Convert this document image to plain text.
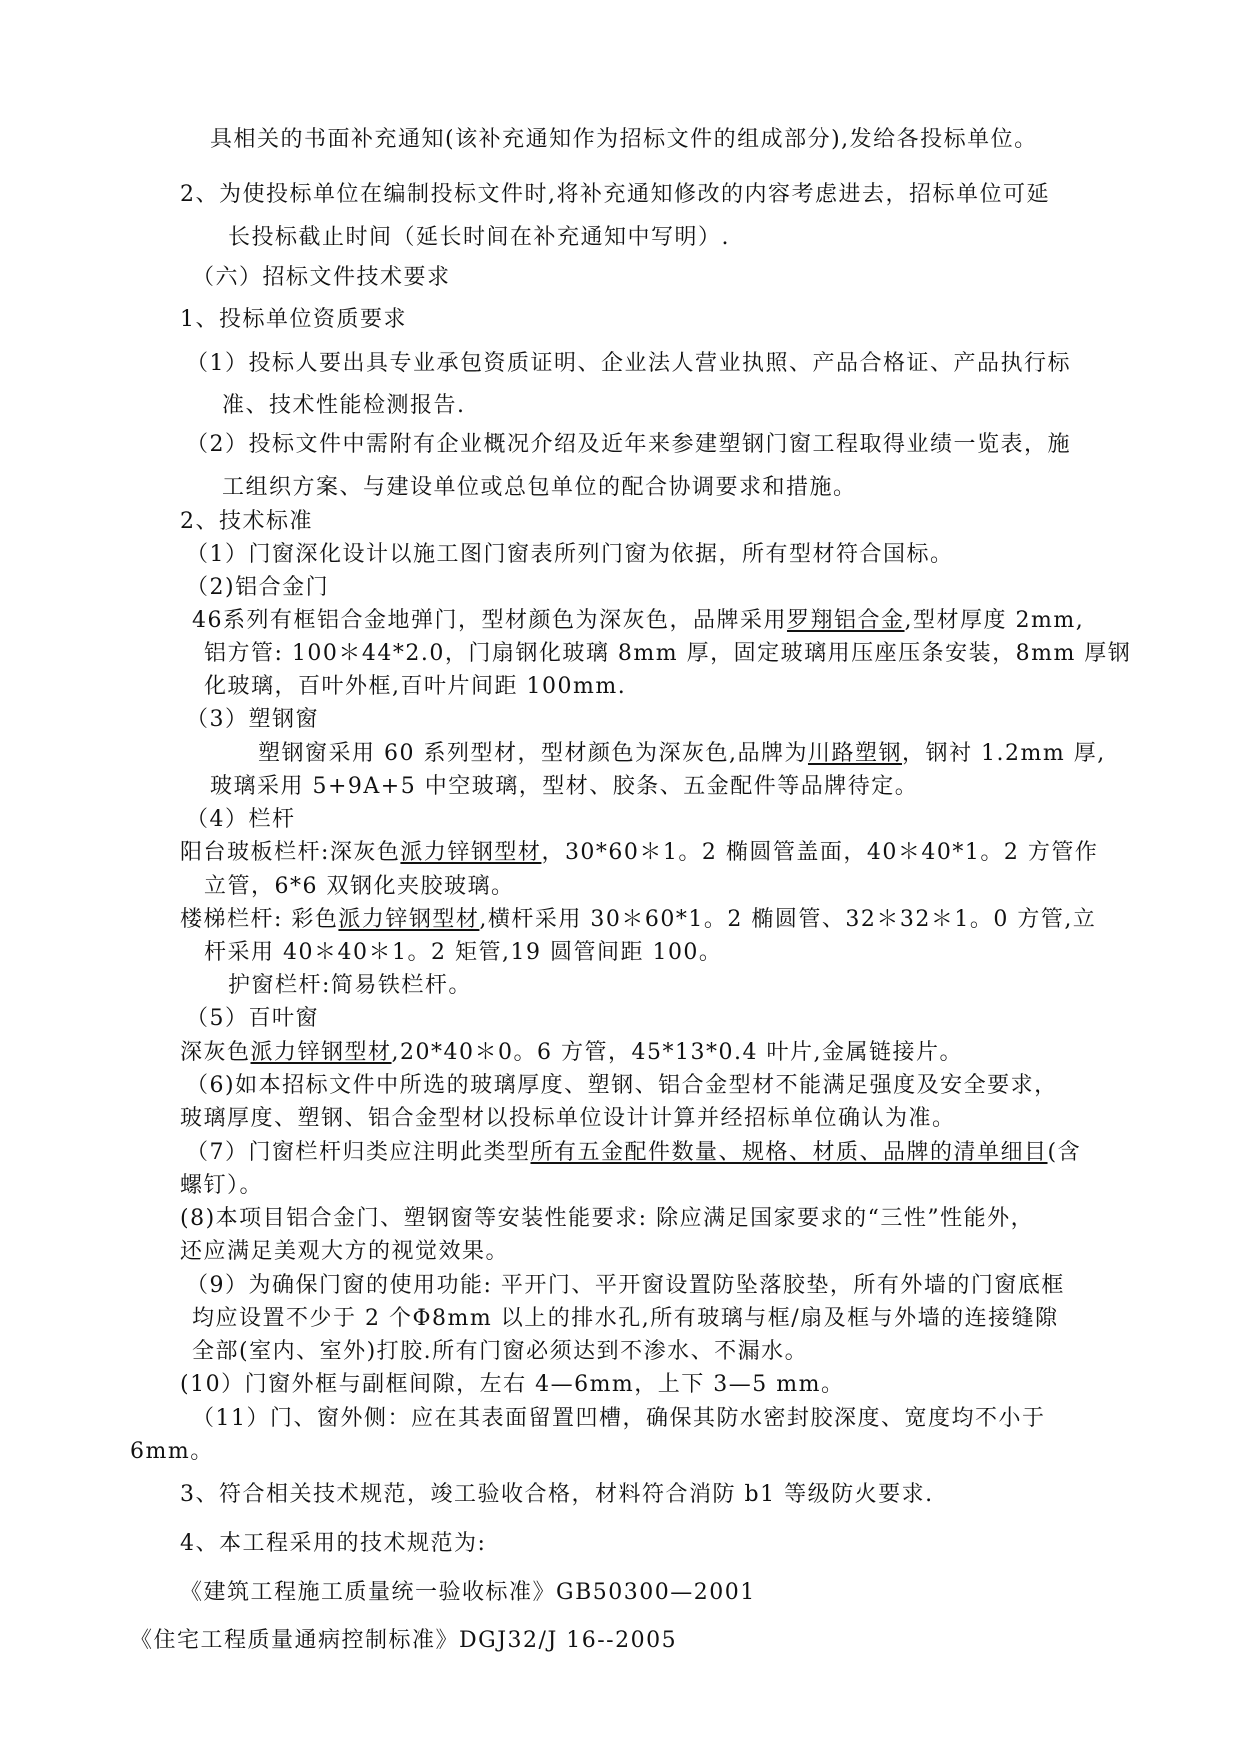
具相关的书面补充通知(该补充通知作为招标文件的组成部分),发给各投标单位。
2、为使投标单位在编制投标文件时,将补充通知修改的内容考虑进去，招标单位可延
长投标截止时间（延长时间在补充通知中写明）.
（六）招标文件技术要求
1、投标单位资质要求
（1）投标人要出具专业承包资质证明、企业法人营业执照、产品合格证、产品执行标
准、技术性能检测报告.
（2）投标文件中需附有企业概况介绍及近年来参建塑钢门窗工程取得业绩一览表，施
工组织方案、与建设单位或总包单位的配合协调要求和措施。
2、技术标准
（1）门窗深化设计以施工图门窗表所列门窗为依据，所有型材符合国标。
（2)铝合金门
46系列有框铝合金地弹门，型材颜色为深灰色，品牌采用罗翔铝合金,型材厚度 2mm,
铝方管: 100＊44*2.0，门扇钢化玻璃 8mm 厚，固定玻璃用压座压条安装，8mm 厚钢
化玻璃，百叶外框,百叶片间距 100mm.
（3）塑钢窗
塑钢窗采用 60 系列型材，型材颜色为深灰色,品牌为川路塑钢，钢衬 1.2mm 厚,
玻璃采用 5+9A+5 中空玻璃，型材、胶条、五金配件等品牌待定。
（4）栏杆
阳台玻板栏杆:深灰色派力锌钢型材，30*60＊1。2 椭圆管盖面，40＊40*1。2 方管作
立管，6*6 双钢化夹胶玻璃。
楼梯栏杆: 彩色派力锌钢型材,横杆采用 30＊60*1。2 椭圆管、32＊32＊1。0 方管,立
杆采用 40＊40＊1。2 矩管,19 圆管间距 100。
护窗栏杆:简易铁栏杆。
（5）百叶窗
深灰色派力锌钢型材,20*40＊0。6 方管，45*13*0.4 叶片,金属链接片。
（6)如本招标文件中所选的玻璃厚度、塑钢、铝合金型材不能满足强度及安全要求，
玻璃厚度、塑钢、铝合金型材以投标单位设计计算并经招标单位确认为准。
（7）门窗栏杆归类应注明此类型所有五金配件数量、规格、材质、品牌的清单细目(含
螺钉）。
(8)本项目铝合金门、塑钢窗等安装性能要求: 除应满足国家要求的“三性”性能外，
还应满足美观大方的视觉效果。
（9）为确保门窗的使用功能: 平开门、平开窗设置防坠落胶垫，所有外墙的门窗底框
均应设置不少于 2 个Φ8mm 以上的排水孔,所有玻璃与框/扇及框与外墙的连接缝隙
全部(室内、室外)打胶.所有门窗必须达到不渗水、不漏水。
(10）门窗外框与副框间隙，左右 4—6mm，上下 3—5 mm。
（11）门、窗外侧：应在其表面留置凹槽，确保其防水密封胶深度、宽度均不小于
6mm。
3、符合相关技术规范，竣工验收合格，材料符合消防 b1 等级防火要求.
4、本工程采用的技术规范为:
《建筑工程施工质量统一验收标准》GB50300—2001
《住宅工程质量通病控制标准》DGJ32/J 16--2005
